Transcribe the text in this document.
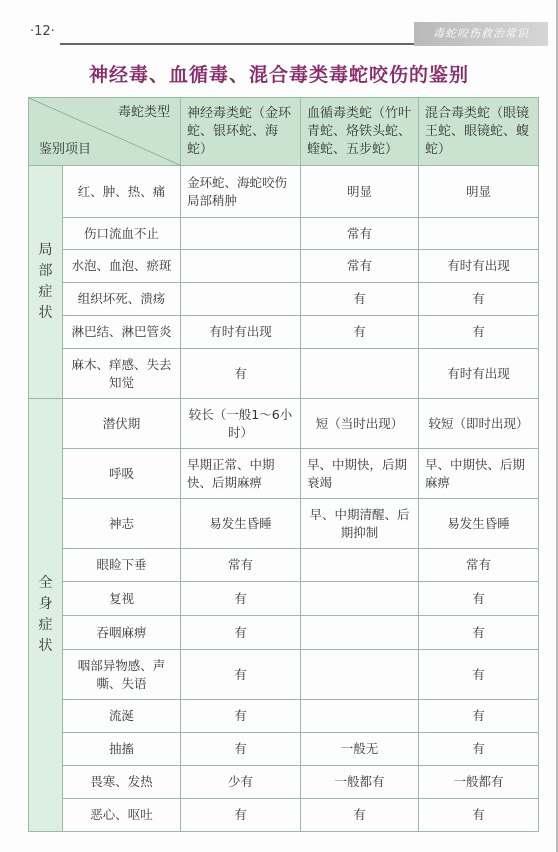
·12·	毒蛇咬伤救治常识
神经毒、血循毒、混合毒类毒蛇咬伤的鉴别
毒蛇类型
鉴别项目		神经毒类蛇（金环蛇、银环蛇、海蛇）	血循毒类蛇（竹叶青蛇、烙铁头蛇、蝰蛇、五步蛇）	混合毒类蛇（眼镜王蛇、眼镜蛇、蝮蛇）
局部症状	红、肿、热、痛	金环蛇、海蛇咬伤局部稍肿	明显	明显
	伤口流血不止		常有	
	水泡、血泡、瘀斑		常有	有时有出现
	组织坏死、溃疡		有	有
	淋巴结、淋巴管炎	有时有出现	有	有
	麻木、痒感、失去知觉	有		有时有出现
全身症状	潜伏期	较长（一般1～6小时）	短（当时出现）	较短（即时出现）
	呼吸	早期正常、中期快、后期麻痹	早、中期快，后期衰竭	早、中期快、后期麻痹
	神志	易发生昏睡	早、中期清醒、后期抑制	易发生昏睡
	眼睑下垂	常有		常有
	复视	有		有
	吞咽麻痹	有		有
	咽部异物感、声嘶、失语	有		有
	流涎	有		有
	抽搐	有	一般无	有
	畏寒、发热	少有	一般都有	一般都有
	恶心、呕吐	有	有	有
